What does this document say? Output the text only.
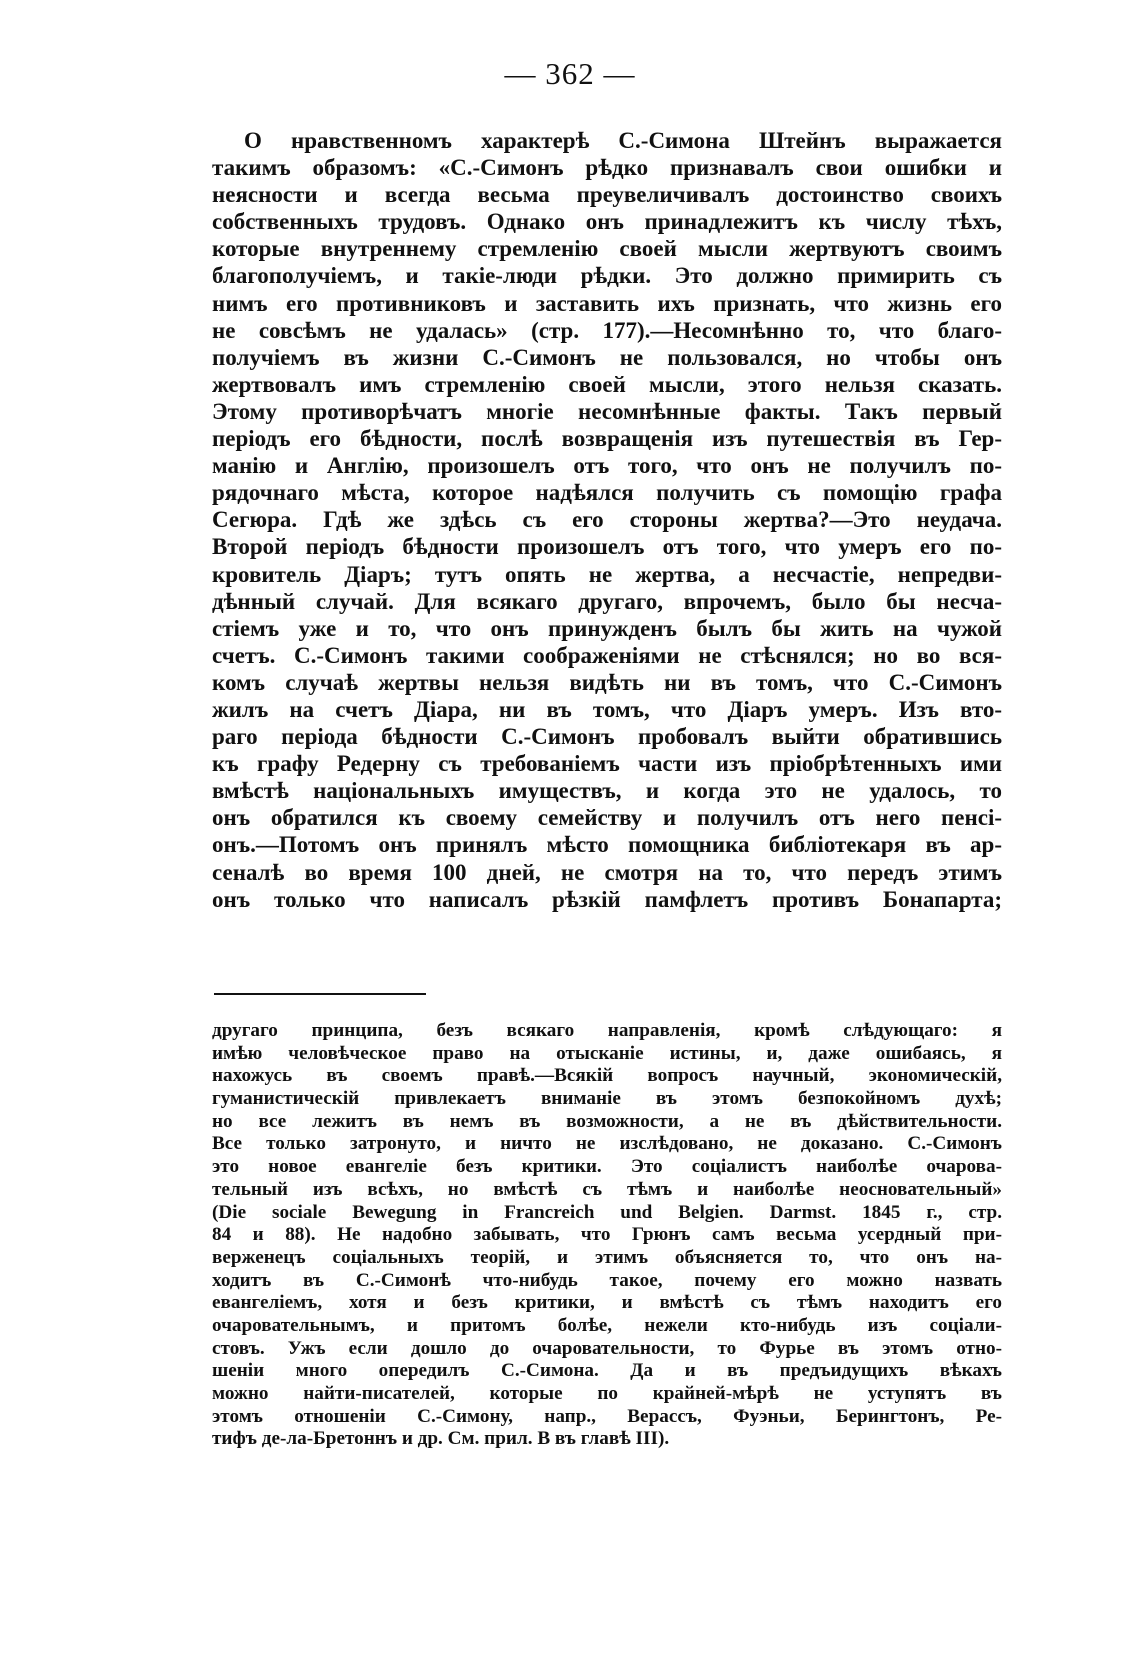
— 362 —
О нравственномъ характерѣ С.-Симона Штейнъ выражается
такимъ образомъ: «С.-Симонъ рѣдко признавалъ свои ошибки и
неясности и всегда весьма преувеличивалъ достоинство своихъ
собственныхъ трудовъ. Однако онъ принадлежитъ къ числу тѣхъ,
которые внутреннему стремленію своей мысли жертвуютъ своимъ
благополучіемъ, и такіе-люди рѣдки. Это должно примирить съ
нимъ его противниковъ и заставить ихъ признать, что жизнь его
не совсѣмъ не удалась» (стр. 177).—Несомнѣнно то, что благо-
получіемъ въ жизни С.-Симонъ не пользовался, но чтобы онъ
жертвовалъ имъ стремленію своей мысли, этого нельзя сказать.
Этому противорѣчатъ многіе несомнѣнные факты. Такъ первый
періодъ его бѣдности, послѣ возвращенія изъ путешествія въ Гер-
манію и Англію, произошелъ отъ того, что онъ не получилъ по-
рядочнаго мѣста, которое надѣялся получить съ помощію графа
Сегюра. Гдѣ же здѣсь съ его стороны жертва?—Это неудача.
Второй періодъ бѣдности произошелъ отъ того, что умеръ его по-
кровитель Діаръ; тутъ опять не жертва, а несчастіе, непредви-
дѣнный случай. Для всякаго другаго, впрочемъ, было бы несча-
стіемъ уже и то, что онъ принужденъ былъ бы жить на чужой
счетъ. С.-Симонъ такими соображеніями не стѣснялся; но во вся-
комъ случаѣ жертвы нельзя видѣть ни въ томъ, что С.-Симонъ
жилъ на счетъ Діара, ни въ томъ, что Діаръ умеръ. Изъ вто-
раго періода бѣдности С.-Симонъ пробовалъ выйти обратившись
къ графу Редерну съ требованіемъ части изъ пріобрѣтенныхъ ими
вмѣстѣ національныхъ имуществъ, и когда это не удалось, то
онъ обратился къ своему семейству и получилъ отъ него пенсі-
онъ.—Потомъ онъ принялъ мѣсто помощника библіотекаря въ ар-
сеналѣ во время 100 дней, не смотря на то, что передъ этимъ
онъ только что написалъ рѣзкій памфлетъ противъ Бонапарта;
другаго принципа, безъ всякаго направленія, кромѣ слѣдующаго: я
имѣю человѣческое право на отысканіе истины, и, даже ошибаясь, я
нахожусь въ своемъ правѣ.—Всякій вопросъ научный, экономическій,
гуманистическій привлекаетъ вниманіе въ этомъ безпокойномъ духѣ;
но все лежитъ въ немъ въ возможности, а не въ дѣйствительности.
Все только затронуто, и ничто не изслѣдовано, не доказано. С.-Симонъ
это новое евангеліе безъ критики. Это соціалистъ наиболѣе очарова-
тельный изъ всѣхъ, но вмѣстѣ съ тѣмъ и наиболѣе неосновательный»
(Die sociale Bewegung in Francreich und Belgien. Darmst. 1845 г., стр.
84 и 88). Не надобно забывать, что Грюнъ самъ весьма усердный при-
верженецъ соціальныхъ теорій, и этимъ объясняется то, что онъ на-
ходитъ въ С.-Симонѣ что-нибудь такое, почему его можно назвать
евангеліемъ, хотя и безъ критики, и вмѣстѣ съ тѣмъ находитъ его
очаровательнымъ, и притомъ болѣе, нежели кто-нибудь изъ соціали-
стовъ. Ужъ если дошло до очаровательности, то Фурье въ этомъ отно-
шеніи много опередилъ С.-Симона. Да и въ предъидущихъ вѣкахъ
можно найти-писателей, которые по крайней-мѣрѣ не уступятъ въ
этомъ отношеніи С.-Симону, напр., Верассъ, Фуэньи, Берингтонъ, Ре-
тифъ де-ла-Бретоннъ и др. См. прил. В въ главѣ III).
